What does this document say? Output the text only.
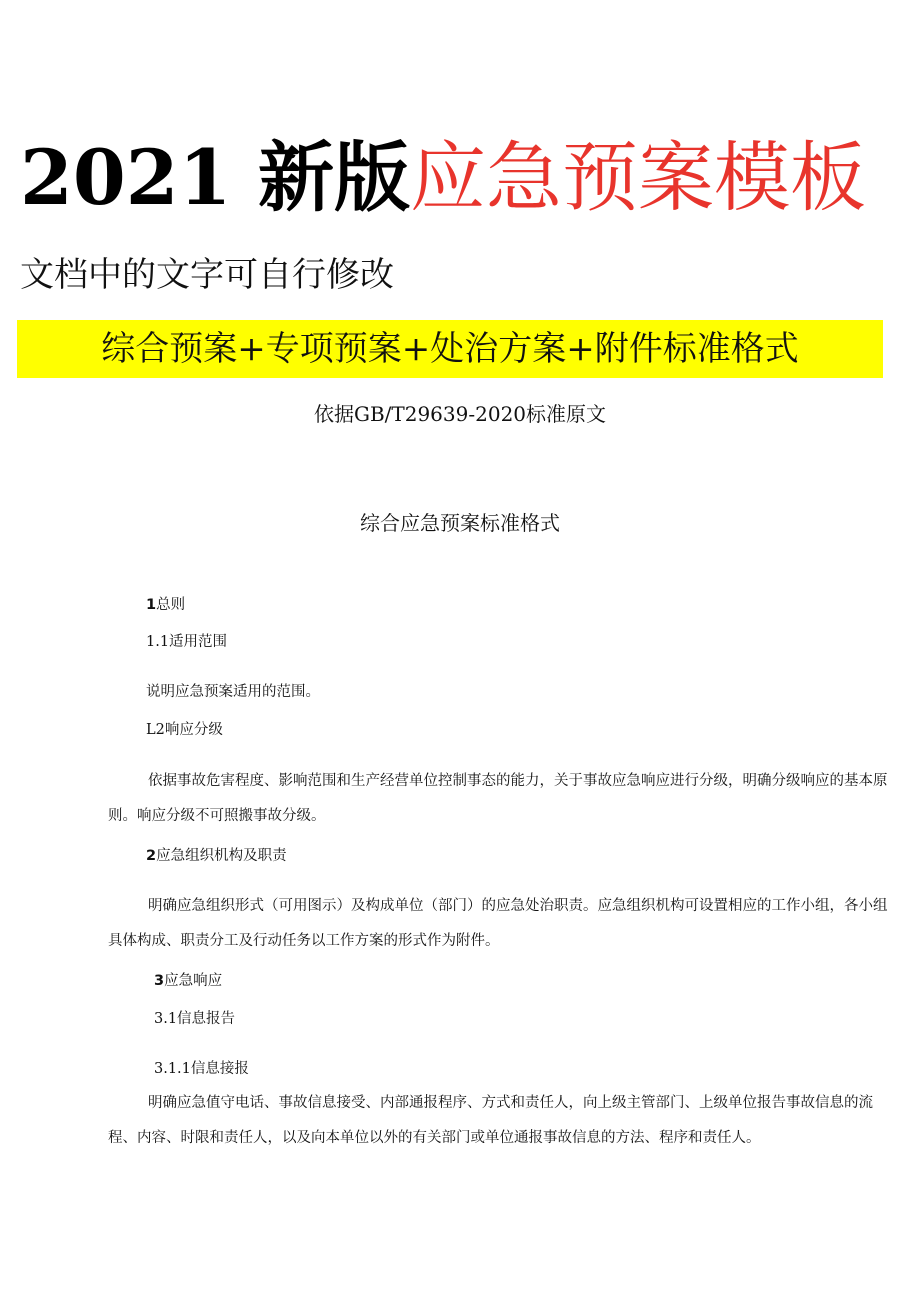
2021 新版应急预案模板
文档中的文字可自行修改
综合预案+专项预案+处治方案+附件标准格式
依据GB/T29639-2020标准原文
综合应急预案标准格式
1总则
1.1适用范围
说明应急预案适用的范围。
L2响应分级
依据事故危害程度、影响范围和生产经营单位控制事态的能力，关于事故应急响应进行分级，明确分级响应的基本原则。响应分级不可照搬事故分级。
2应急组织机构及职责
明确应急组织形式（可用图示）及构成单位（部门）的应急处治职责。应急组织机构可设置相应的工作小组，各小组具体构成、职责分工及行动任务以工作方案的形式作为附件。
3应急响应
3.1信息报告
3.1.1信息接报
明确应急值守电话、事故信息接受、内部通报程序、方式和责任人，向上级主管部门、上级单位报告事故信息的流程、内容、时限和责任人，以及向本单位以外的有关部门或单位通报事故信息的方法、程序和责任人。
